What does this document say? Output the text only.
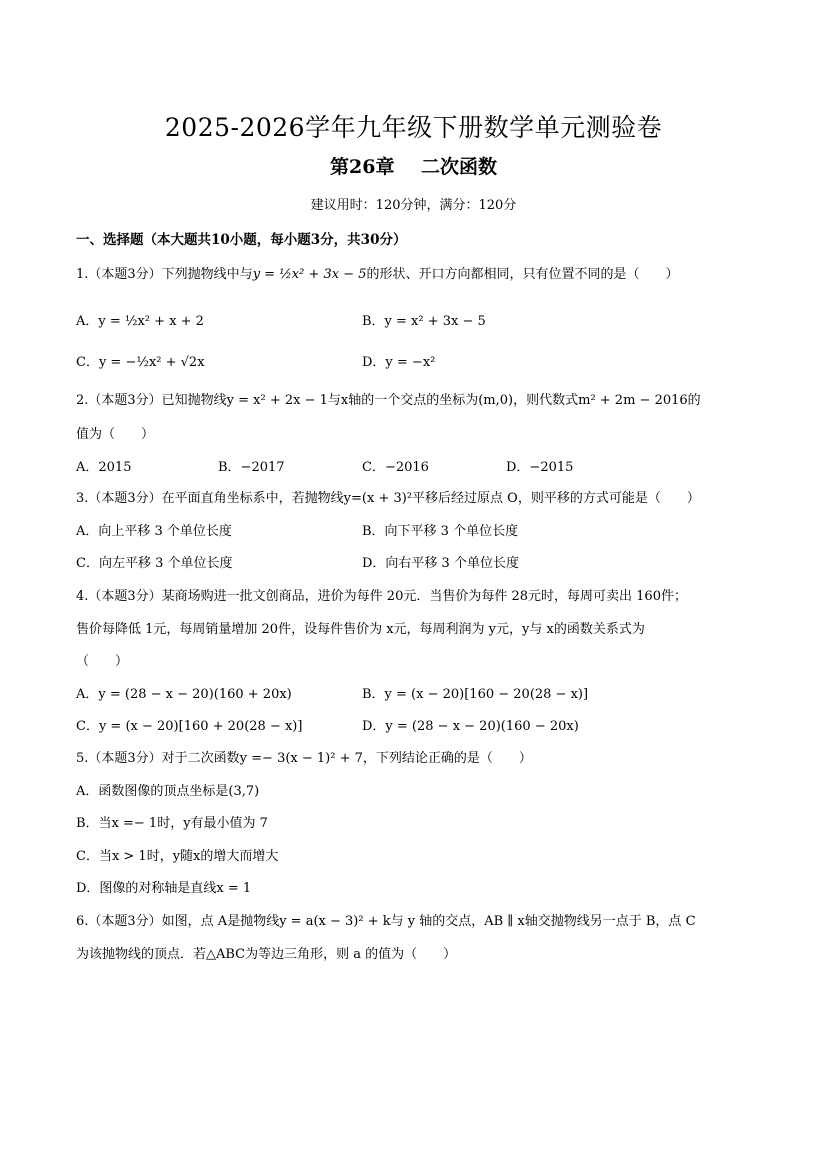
2025-2026学年九年级下册数学单元测验卷
第26章 二次函数
建议用时：120分钟，满分：120分
一、选择题（本大题共10小题，每小题3分，共30分）
1.（本题3分）下列抛物线中与y = ½x² + 3x − 5的形状、开口方向都相同，只有位置不同的是（　　）
A．y = ½x² + x + 2	B．y = x² + 3x − 5
C．y = −½x² + √2x	D．y = −x²
2.（本题3分）已知抛物线y = x² + 2x − 1与x轴的一个交点的坐标为(m,0)，则代数式m² + 2m − 2016的
值为（　　）
A．2015	B．−2017	C．−2016	D．−2015
3.（本题3分）在平面直角坐标系中，若抛物线y=(x + 3)²平移后经过原点 O，则平移的方式可能是（　　）
A．向上平移 3 个单位长度	B．向下平移 3 个单位长度
C．向左平移 3 个单位长度	D．向右平移 3 个单位长度
4.（本题3分）某商场购进一批文创商品，进价为每件 20元．当售价为每件 28元时，每周可卖出 160件；
售价每降低 1元，每周销量增加 20件，设每件售价为 x元，每周利润为 y元，y与 x的函数关系式为
（　　）
A．y = (28 − x − 20)(160 + 20x)	B．y = (x − 20)[160 − 20(28 − x)]
C．y = (x − 20)[160 + 20(28 − x)]	D．y = (28 − x − 20)(160 − 20x)
5.（本题3分）对于二次函数y =− 3(x − 1)² + 7，下列结论正确的是（　　）
A．函数图像的顶点坐标是(3,7)
B．当x =− 1时，y有最小值为 7
C．当x > 1时，y随x的增大而增大
D．图像的对称轴是直线x = 1
6.（本题3分）如图，点 A是抛物线y = a(x − 3)² + k与 y 轴的交点，AB ∥ x轴交抛物线另一点于 B，点 C
为该抛物线的顶点．若△ABC为等边三角形，则 a 的值为（　　）
